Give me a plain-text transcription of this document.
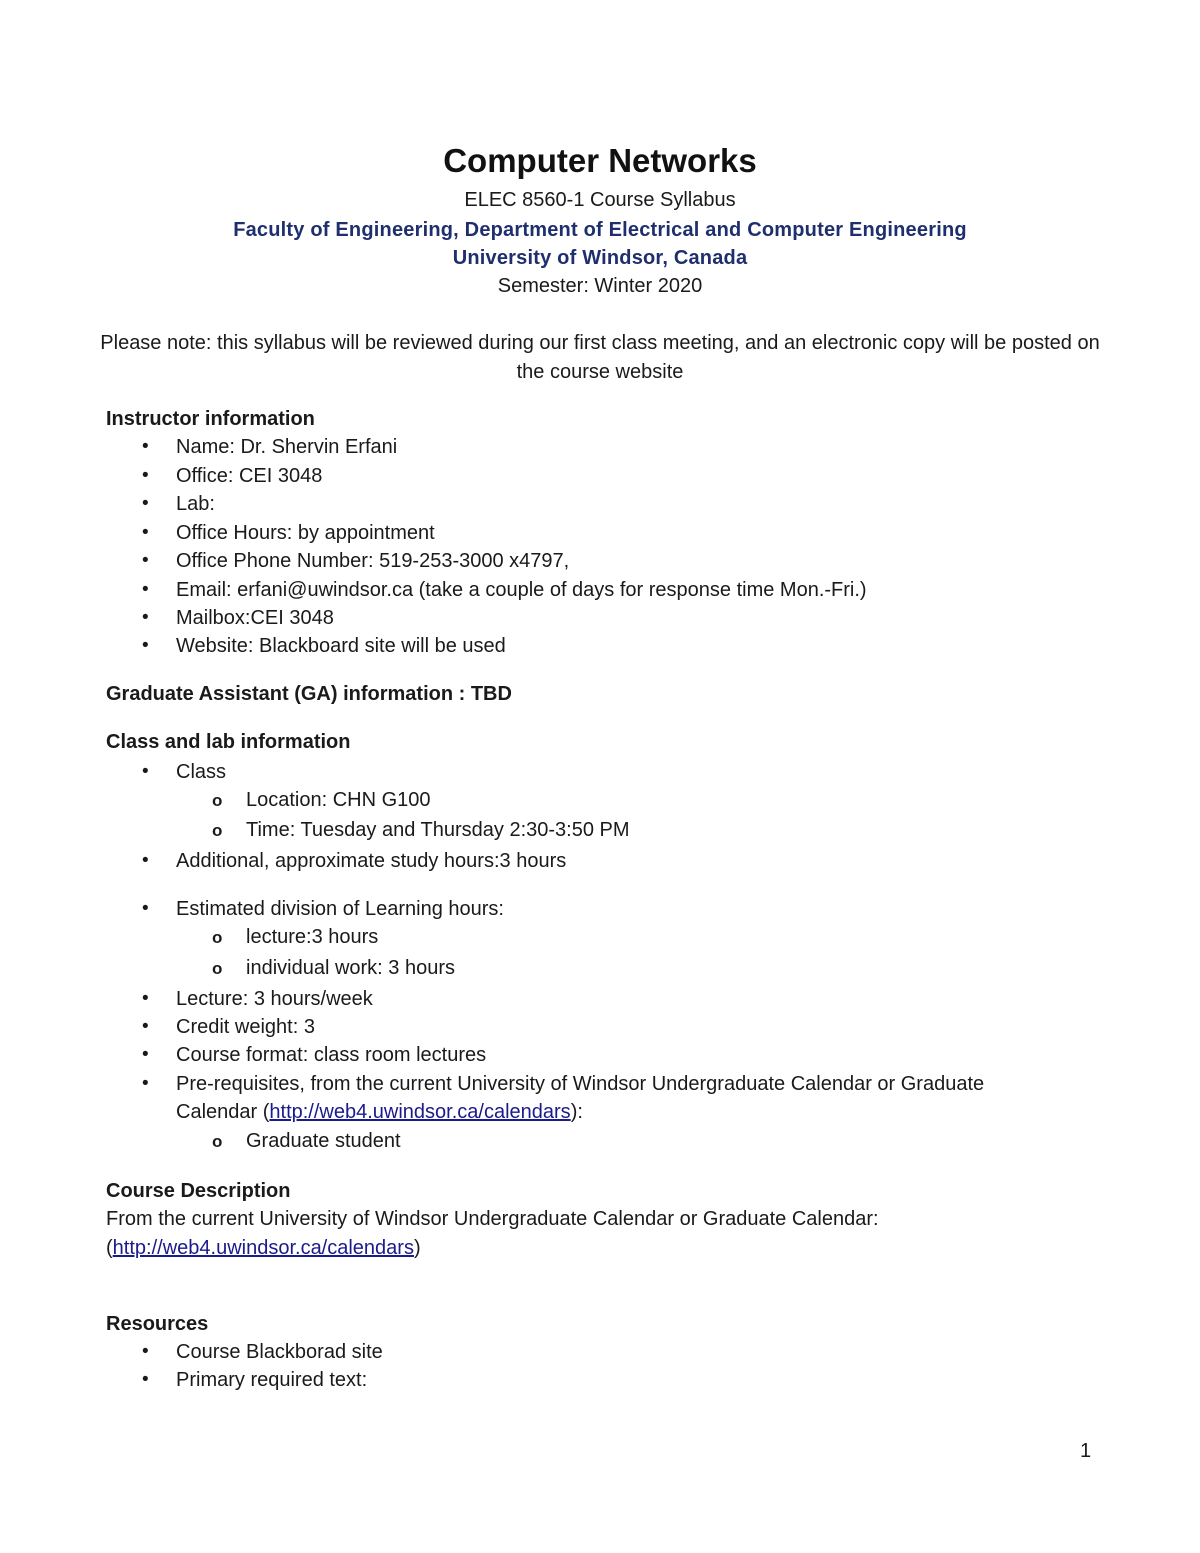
Computer Networks
ELEC 8560-1 Course Syllabus
Faculty of Engineering, Department of Electrical and Computer Engineering
University of Windsor, Canada
Semester: Winter 2020
Please note: this syllabus will be reviewed during our first class meeting, and an electronic copy will be posted on the course website
Instructor information
• Name: Dr. Shervin Erfani
• Office: CEI 3048
• Lab:
• Office Hours: by appointment
• Office Phone Number: 519-253-3000 x4797,
• Email: erfani@uwindsor.ca (take a couple of days for response time Mon.-Fri.)
• Mailbox:CEI 3048
• Website: Blackboard site will be used
Graduate Assistant (GA) information : TBD
Class and lab information
• Class
o Location: CHN G100
o Time: Tuesday and Thursday 2:30-3:50 PM
• Additional, approximate study hours:3 hours
• Estimated division of Learning hours:
o lecture:3 hours
o individual work: 3 hours
• Lecture: 3 hours/week
• Credit weight: 3
• Course format: class room lectures
• Pre-requisites, from the current University of Windsor Undergraduate Calendar or Graduate
Calendar (http://web4.uwindsor.ca/calendars):
o Graduate student
Course Description
From the current University of Windsor Undergraduate Calendar or Graduate Calendar:
(http://web4.uwindsor.ca/calendars)
Resources
• Course Blackborad site
• Primary required text:
1
